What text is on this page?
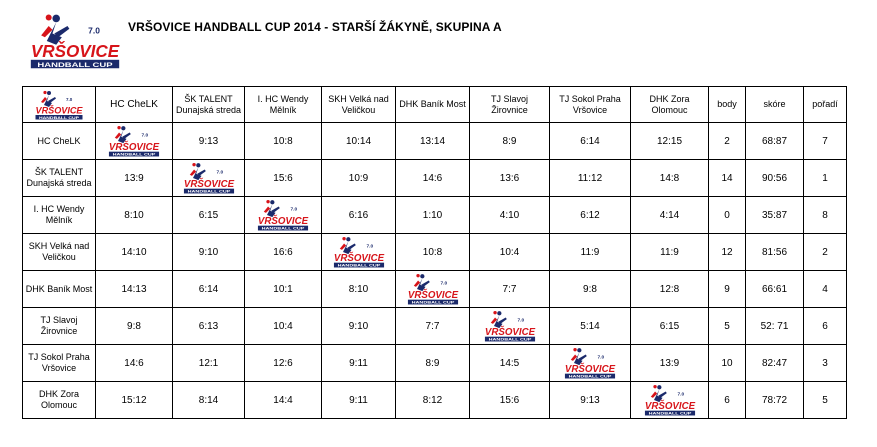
VRŠOVICE HANDBALL CUP 2014 - STARŠÍ ŽÁKYNĚ, SKUPINA A

HC CheLK	ŠK TALENT Dunajská streda	I. HC Wendy Mělník	SKH Velká nad Veličkou	DHK Baník Most	TJ Slavoj Žirovnice	TJ Sokol Praha Vršovice	DHK Zora Olomouc	body	skóre	pořadí

HC CheLK		9:13	10:8	10:14	13:14	8:9	6:14	12:15	2	68:87	7

ŠK TALENT Dunajská streda	13:9		15:6	10:9	14:6	13:6	11:12	14:8	14	90:56	1

I. HC Wendy Mělník	8:10	6:15		6:16	1:10	4:10	6:12	4:14	0	35:87	8

SKH Velká nad Veličkou	14:10	9:10	16:6		10:8	10:4	11:9	11:9	12	81:56	2

DHK Baník Most	14:13	6:14	10:1	8:10		7:7	9:8	12:8	9	66:61	4

TJ Slavoj Žirovnice	9:8	6:13	10:4	9:10	7:7		5:14	6:15	5	52: 71	6

TJ Sokol Praha Vršovice	14:6	12:1	12:6	9:11	8:9	14:5		13:9	10	82:47	3

DHK Zora Olomouc	15:12	8:14	14:4	9:11	8:12	15:6	9:13		6	78:72	5
